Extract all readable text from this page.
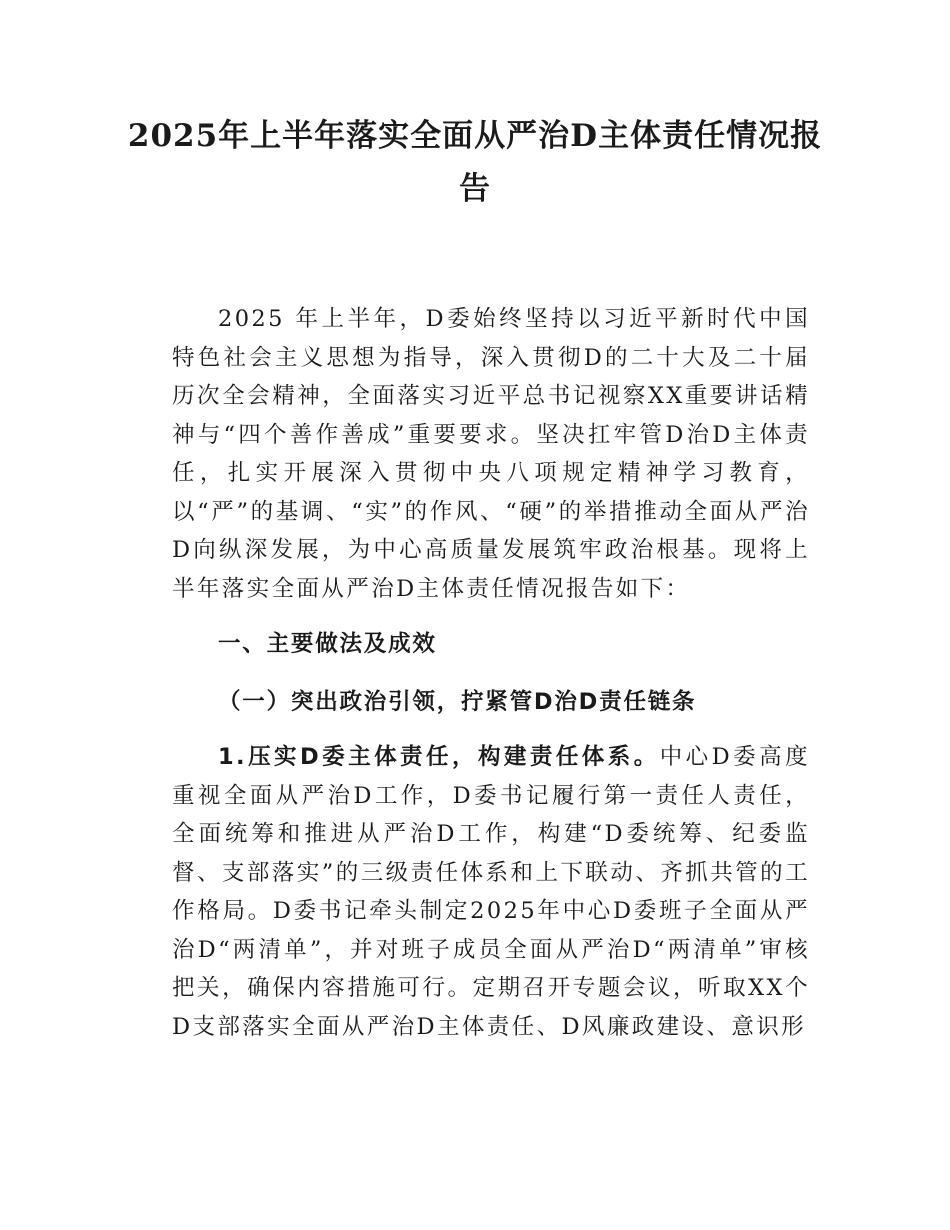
2025年上半年落实全面从严治D主体责任情况报告

2025 年上半年，D委始终坚持以习近平新时代中国特色社会主义思想为指导，深入贯彻D的二十大及二十届历次全会精神，全面落实习近平总书记视察XX重要讲话精神与“四个善作善成”重要要求。坚决扛牢管D治D主体责任，扎实开展深入贯彻中央八项规定精神学习教育，以“严”的基调、“实”的作风、“硬”的举措推动全面从严治D向纵深发展，为中心高质量发展筑牢政治根基。现将上半年落实全面从严治D主体责任情况报告如下：

一、主要做法及成效

（一）突出政治引领，拧紧管D治D责任链条

1.压实D委主体责任，构建责任体系。中心D委高度重视全面从严治D工作，D委书记履行第一责任人责任，全面统筹和推进从严治D工作，构建“D委统筹、纪委监督、支部落实”的三级责任体系和上下联动、齐抓共管的工作格局。D委书记牵头制定2025年中心D委班子全面从严治D“两清单”，并对班子成员全面从严治D“两清单”审核把关，确保内容措施可行。定期召开专题会议，听取XX个D支部落实全面从严治D主体责任、D风廉政建设、意识形
